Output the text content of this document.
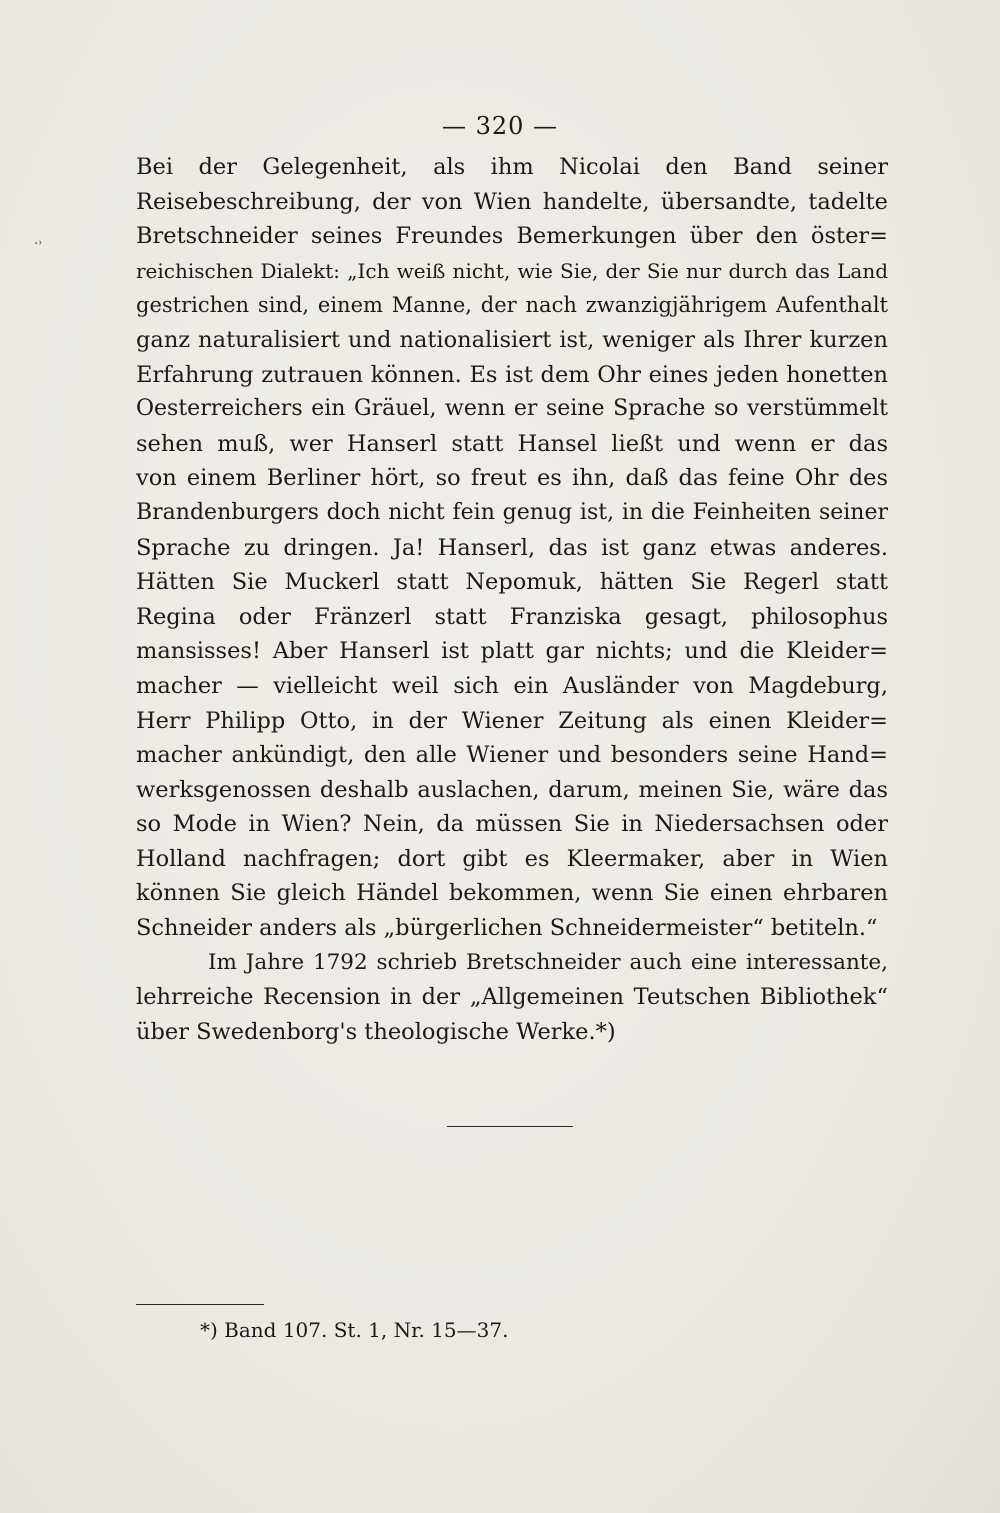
·˒
— 320 —
Bei der Gelegenheit, als ihm Nicolai den Band seiner
Reisebeschreibung, der von Wien handelte, übersandte, tadelte
Bretschneider seines Freundes Bemerkungen über den öster=
reichischen Dialekt: „Ich weiß nicht, wie Sie, der Sie nur durch das Land
gestrichen sind, einem Manne, der nach zwanzigjährigem Aufenthalt
ganz naturalisiert und nationalisiert ist, weniger als Ihrer kurzen
Erfahrung zutrauen können. Es ist dem Ohr eines jeden honetten
Oesterreichers ein Gräuel, wenn er seine Sprache so verstümmelt
sehen muß, wer Hanserl statt Hansel ließt und wenn er das
von einem Berliner hört, so freut es ihn, daß das feine Ohr des
Brandenburgers doch nicht fein genug ist, in die Feinheiten seiner
Sprache zu dringen. Ja! Hanserl, das ist ganz etwas anderes.
Hätten Sie Muckerl statt Nepomuk, hätten Sie Regerl statt
Regina oder Fränzerl statt Franziska gesagt, philosophus
mansisses! Aber Hanserl ist platt gar nichts; und die Kleider=
macher — vielleicht weil sich ein Ausländer von Magdeburg,
Herr Philipp Otto, in der Wiener Zeitung als einen Kleider=
macher ankündigt, den alle Wiener und besonders seine Hand=
werksgenossen deshalb auslachen, darum, meinen Sie, wäre das
so Mode in Wien? Nein, da müssen Sie in Niedersachsen oder
Holland nachfragen; dort gibt es Kleermaker, aber in Wien
können Sie gleich Händel bekommen, wenn Sie einen ehrbaren
Schneider anders als „bürgerlichen Schneidermeister“ betiteln.“
Im Jahre 1792 schrieb Bretschneider auch eine interessante,
lehrreiche Recension in der „Allgemeinen Teutschen Bibliothek“
über Swedenborg's theologische Werke.*)
*) Band 107. St. 1, Nr. 15—37.
